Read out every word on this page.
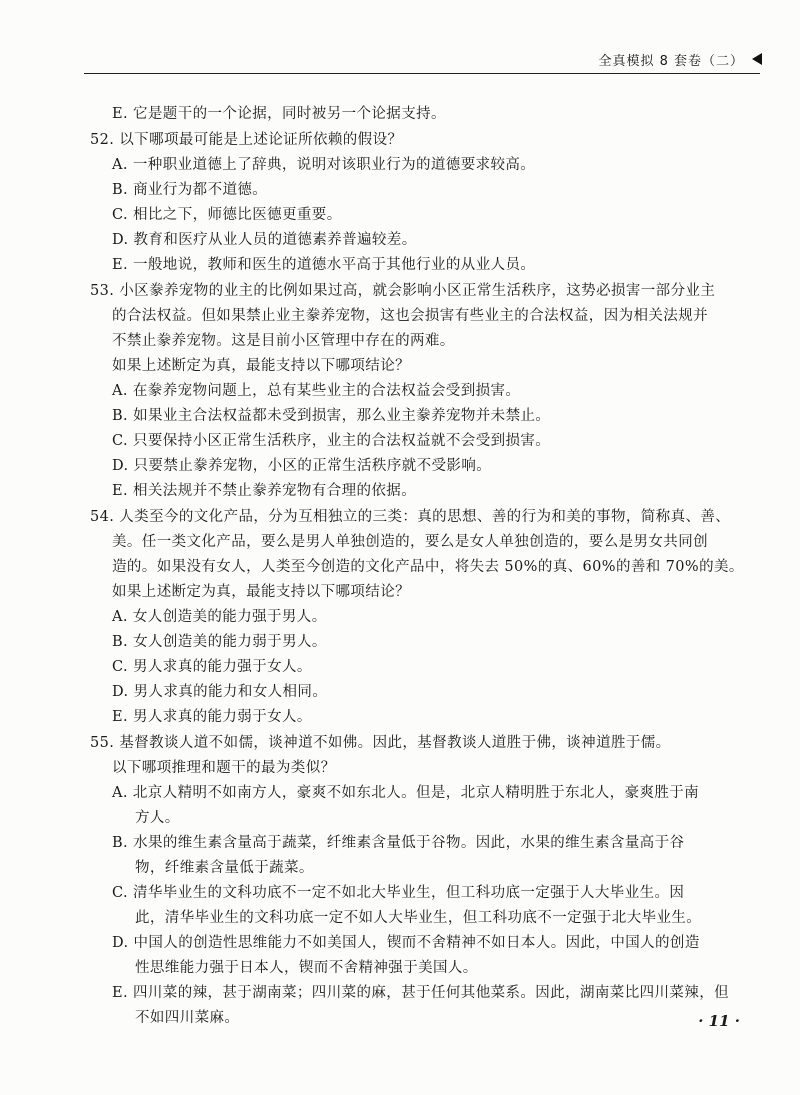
全真模拟 8 套卷（二）
E. 它是题干的一个论据，同时被另一个论据支持。
52. 以下哪项最可能是上述论证所依赖的假设？
A. 一种职业道德上了辞典，说明对该职业行为的道德要求较高。
B. 商业行为都不道德。
C. 相比之下，师德比医德更重要。
D. 教育和医疗从业人员的道德素养普遍较差。
E. 一般地说，教师和医生的道德水平高于其他行业的从业人员。
53. 小区豢养宠物的业主的比例如果过高，就会影响小区正常生活秩序，这势必损害一部分业主
的合法权益。但如果禁止业主豢养宠物，这也会损害有些业主的合法权益，因为相关法规并
不禁止豢养宠物。这是目前小区管理中存在的两难。
如果上述断定为真，最能支持以下哪项结论？
A. 在豢养宠物问题上，总有某些业主的合法权益会受到损害。
B. 如果业主合法权益都未受到损害，那么业主豢养宠物并未禁止。
C. 只要保持小区正常生活秩序，业主的合法权益就不会受到损害。
D. 只要禁止豢养宠物，小区的正常生活秩序就不受影响。
E. 相关法规并不禁止豢养宠物有合理的依据。
54. 人类至今的文化产品，分为互相独立的三类：真的思想、善的行为和美的事物，简称真、善、
美。任一类文化产品，要么是男人单独创造的，要么是女人单独创造的，要么是男女共同创
造的。如果没有女人，人类至今创造的文化产品中，将失去 50%的真、60%的善和 70%的美。
如果上述断定为真，最能支持以下哪项结论？
A. 女人创造美的能力强于男人。
B. 女人创造美的能力弱于男人。
C. 男人求真的能力强于女人。
D. 男人求真的能力和女人相同。
E. 男人求真的能力弱于女人。
55. 基督教谈人道不如儒，谈神道不如佛。因此，基督教谈人道胜于佛，谈神道胜于儒。
以下哪项推理和题干的最为类似？
A. 北京人精明不如南方人，豪爽不如东北人。但是，北京人精明胜于东北人，豪爽胜于南
方人。
B. 水果的维生素含量高于蔬菜，纤维素含量低于谷物。因此，水果的维生素含量高于谷
物，纤维素含量低于蔬菜。
C. 清华毕业生的文科功底不一定不如北大毕业生，但工科功底一定强于人大毕业生。因
此，清华毕业生的文科功底一定不如人大毕业生，但工科功底不一定强于北大毕业生。
D. 中国人的创造性思维能力不如美国人，锲而不舍精神不如日本人。因此，中国人的创造
性思维能力强于日本人，锲而不舍精神强于美国人。
E. 四川菜的辣，甚于湖南菜；四川菜的麻，甚于任何其他菜系。因此，湖南菜比四川菜辣，但
不如四川菜麻。	· 11 ·
